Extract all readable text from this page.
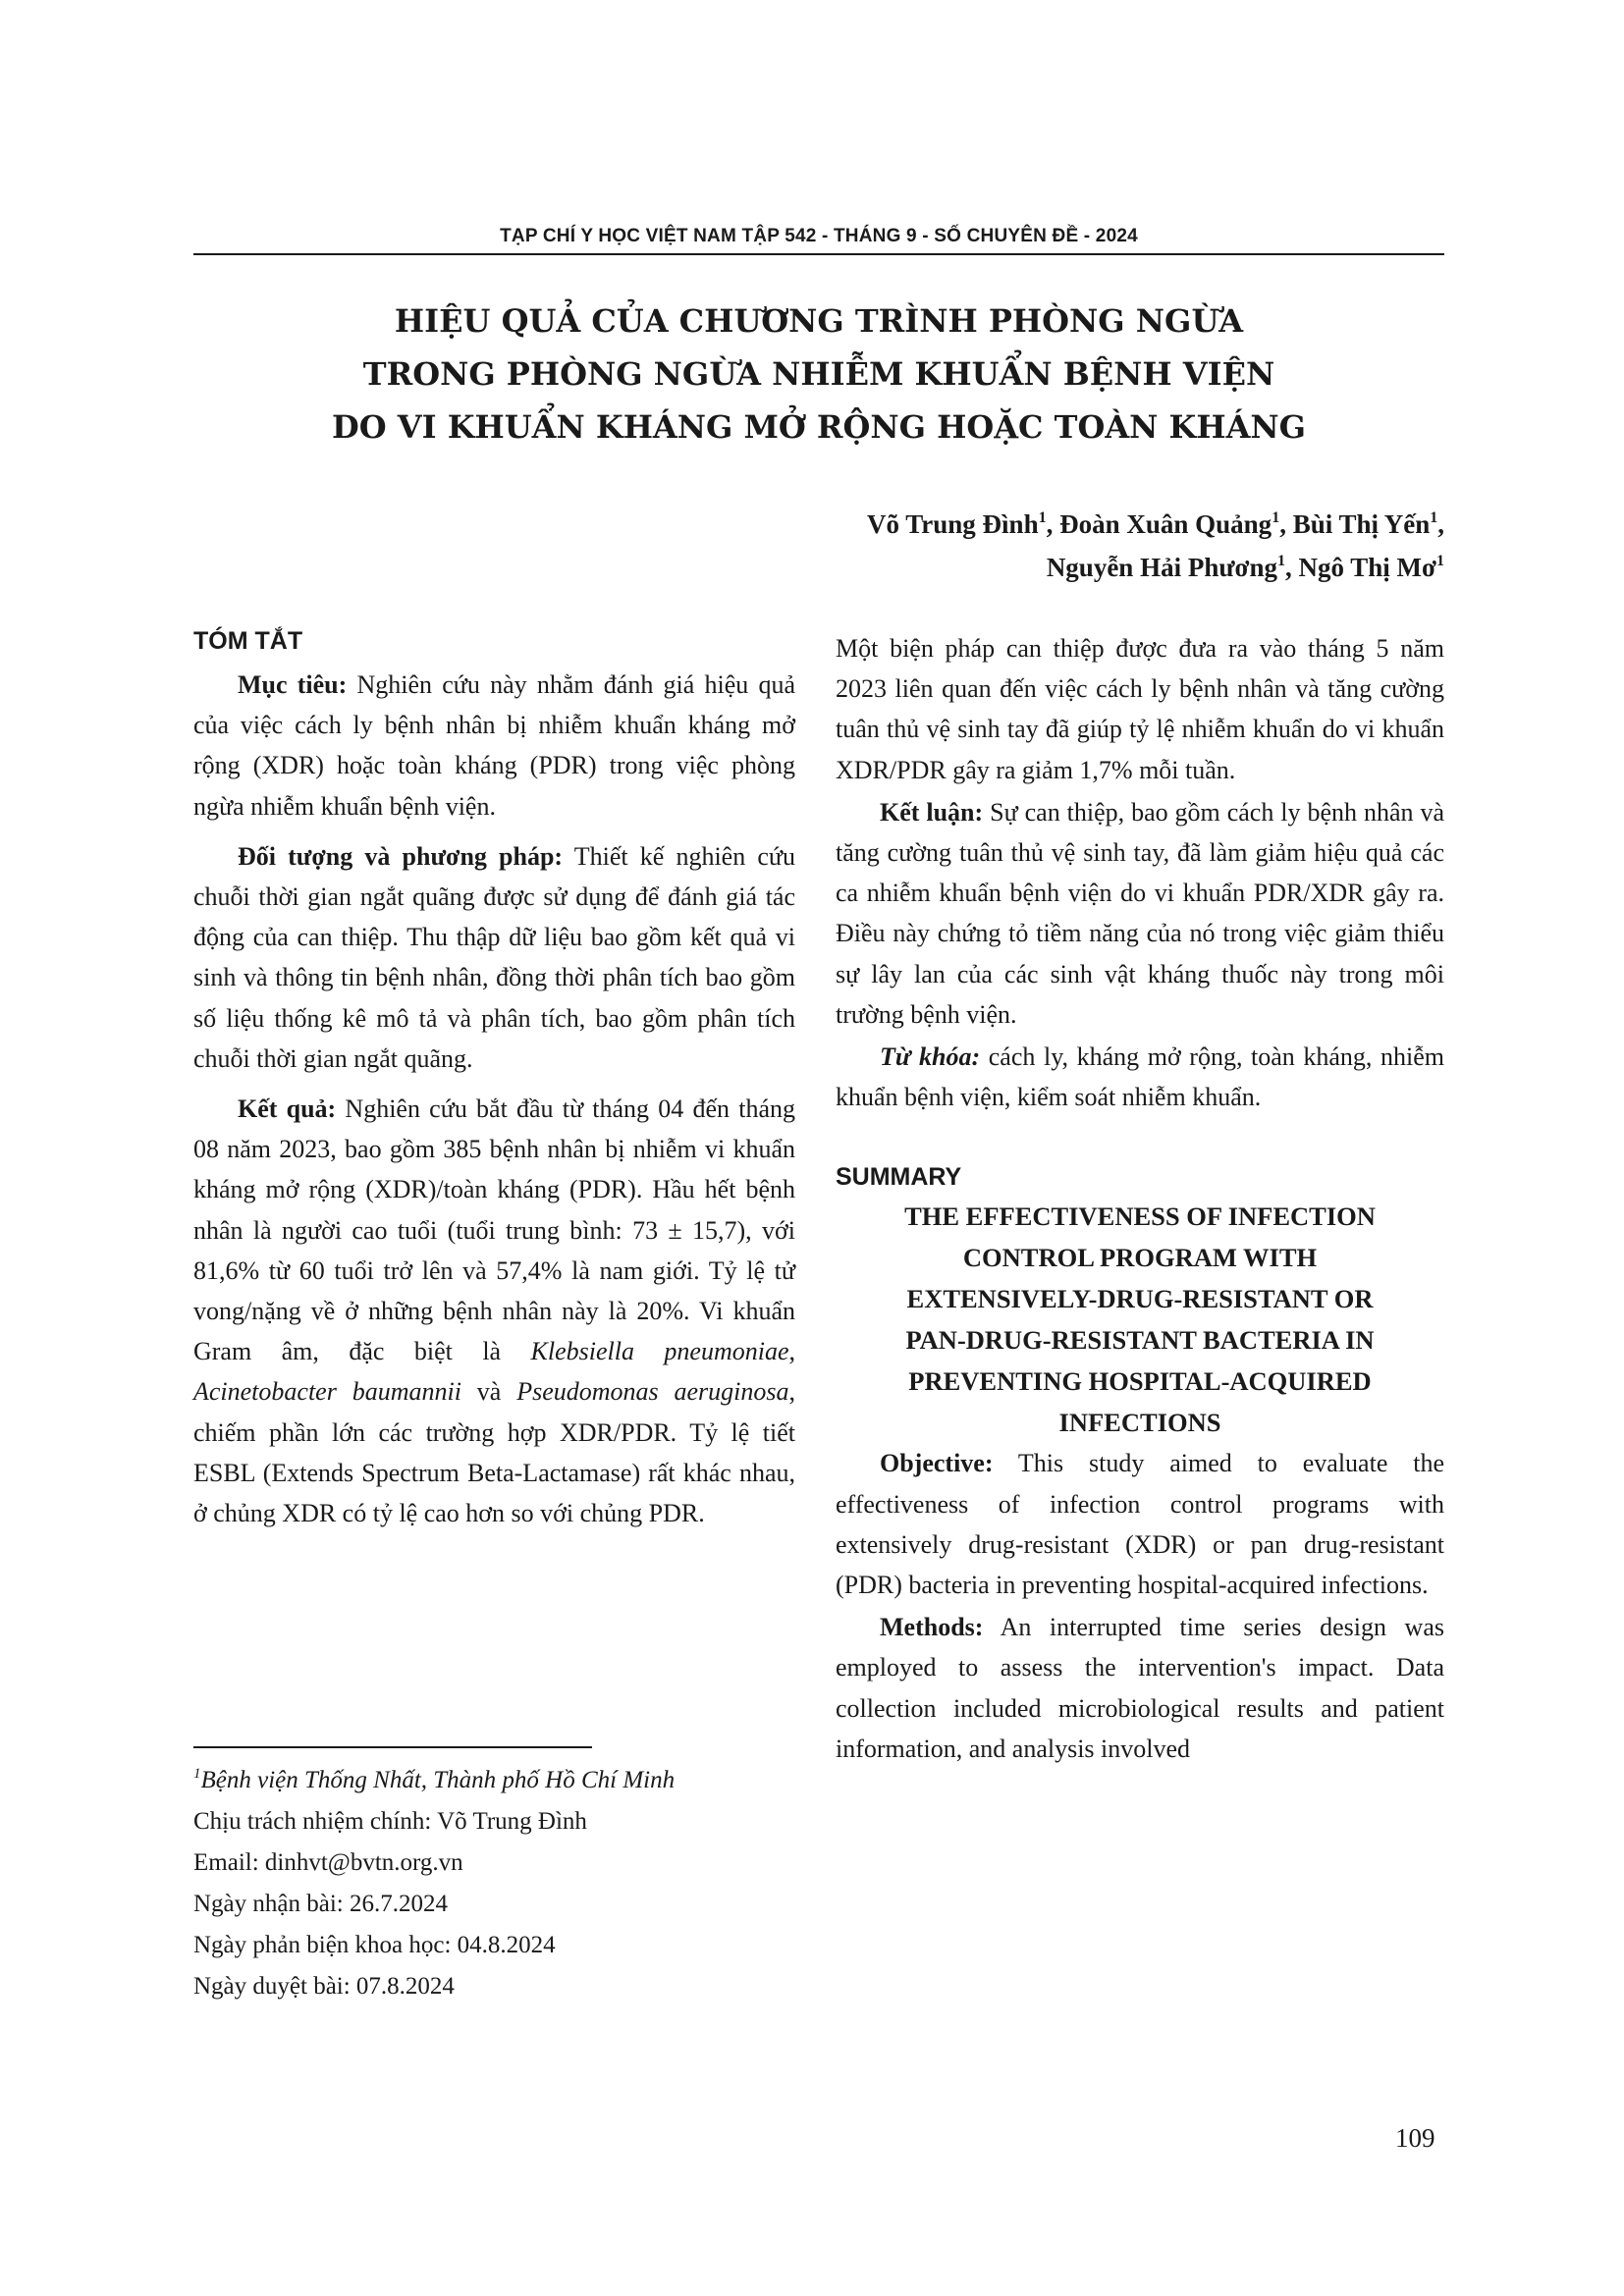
TẠP CHÍ Y HỌC VIỆT NAM TẬP 542 - THÁNG 9 - SỐ CHUYÊN ĐỀ - 2024
HIỆU QUẢ CỦA CHƯƠNG TRÌNH PHÒNG NGỪA
TRONG PHÒNG NGỪA NHIỄM KHUẨN BỆNH VIỆN
DO VI KHUẨN KHÁNG MỞ RỘNG HOẶC TOÀN KHÁNG
Võ Trung Đình$^1$, Đoàn Xuân Quảng$^1$, Bùi Thị Yến$^1$,
Nguyễn Hải Phương$^1$, Ngô Thị $Mơ^1$
TÓM TẮT

Mục tiêu: Nghiên cứu này nhằm đánh giá hiệu quả của việc cách ly bệnh nhân bị nhiễm khuẩn kháng mở rộng (XDR) hoặc toàn kháng (PDR) trong việc phòng ngừa nhiễm khuẩn bệnh viện.

Đối tượng và phương pháp: Thiết kế nghiên cứu chuỗi thời gian ngắt quãng được sử dụng để đánh giá tác động của can thiệp. Thu thập dữ liệu bao gồm kết quả vi sinh và thông tin bệnh nhân, đồng thời phân tích bao gồm số liệu thống kê mô tả và phân tích, bao gồm phân tích chuỗi thời gian ngắt quãng.

Kết quả: Nghiên cứu bắt đầu từ tháng 04 đến tháng 08 năm 2023, bao gồm 385 bệnh nhân bị nhiễm vi khuẩn kháng mở rộng (XDR)/toàn kháng (PDR). Hầu hết bệnh nhân là người cao tuổi (tuổi trung bình: 73 ± 15,7), với 81,6% từ 60 tuổi trở lên và 57,4% là nam giới. Tỷ lệ tử vong/nặng về ở những bệnh nhân này là 20%. Vi khuẩn Gram âm, đặc biệt là Klebsiella pneumoniae, Acinetobacter baumannii và Pseudomonas aeruginosa, chiếm phần lớn các trường hợp XDR/PDR. Tỷ lệ tiết ESBL (Extends Spectrum Beta-Lactamase) rất khác nhau, ở chủng XDR có tỷ lệ cao hơn so với chủng PDR.

$^1$Bệnh viện Thống Nhất, Thành phố Hồ Chí Minh
Chịu trách nhiệm chính: Võ Trung Đình
Email: dinhvt@bvtn.org.vn
Ngày nhận bài: 26.7.2024
Ngày phản biện khoa học: 04.8.2024
Ngày duyệt bài: 07.8.2024

Một biện pháp can thiệp được đưa ra vào tháng 5 năm 2023 liên quan đến việc cách ly bệnh nhân và tăng cường tuân thủ vệ sinh tay đã giúp tỷ lệ nhiễm khuẩn do vi khuẩn XDR/PDR gây ra giảm 1,7% mỗi tuần.

Kết luận: Sự can thiệp, bao gồm cách ly bệnh nhân và tăng cường tuân thủ vệ sinh tay, đã làm giảm hiệu quả các ca nhiễm khuẩn bệnh viện do vi khuẩn PDR/XDR gây ra. Điều này chứng tỏ tiềm năng của nó trong việc giảm thiểu sự lây lan của các sinh vật kháng thuốc này trong môi trường bệnh viện.

Từ khóa: cách ly, kháng mở rộng, toàn kháng, nhiễm khuẩn bệnh viện, kiểm soát nhiễm khuẩn.

SUMMARY
THE EFFECTIVENESS OF INFECTION
CONTROL PROGRAM WITH
EXTENSIVELY-DRUG-RESISTANT OR
PAN-DRUG-RESISTANT BACTERIA IN
PREVENTING HOSPITAL-ACQUIRED
INFECTIONS

Objective: This study aimed to evaluate the effectiveness of infection control programs with extensively drug-resistant (XDR) or pan drug-resistant (PDR) bacteria in preventing hospital-acquired infections.

Methods: An interrupted time series design was employed to assess the intervention's impact. Data collection included microbiological results and patient information, and analysis involved

109
